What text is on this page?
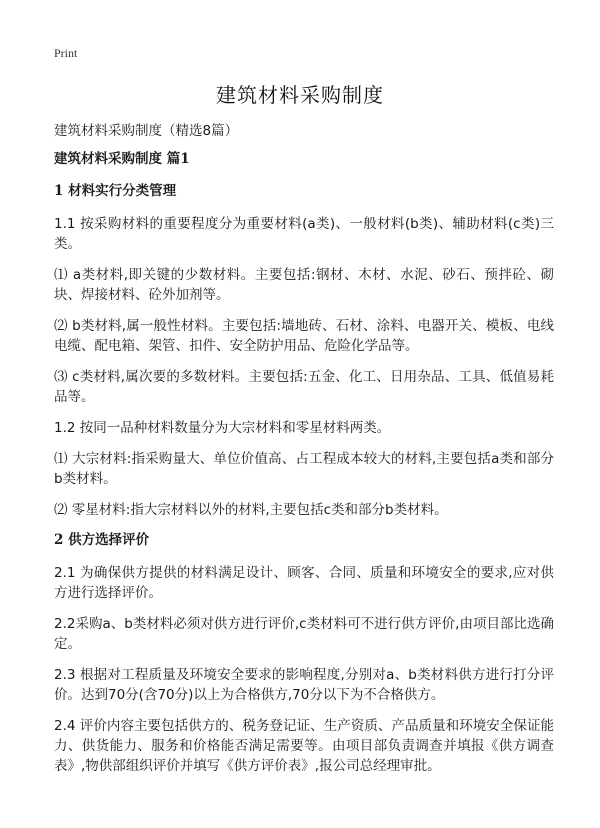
Print
建筑材料采购制度
建筑材料采购制度（精选8篇）
建筑材料采购制度 篇1
1 材料实行分类管理
1.1 按采购材料的重要程度分为重要材料(a类)、一般材料(b类)、辅助材料(c类)三类。
⑴ a类材料,即关键的少数材料。主要包括:钢材、木材、水泥、砂石、预拌砼、砌块、焊接材料、砼外加剂等。
⑵ b类材料,属一般性材料。主要包括:墙地砖、石材、涂料、电器开关、模板、电线电缆、配电箱、架管、扣件、安全防护用品、危险化学品等。
⑶ c类材料,属次要的多数材料。主要包括:五金、化工、日用杂品、工具、低值易耗品等。
1.2 按同一品种材料数量分为大宗材料和零星材料两类。
⑴ 大宗材料:指采购量大、单位价值高、占工程成本较大的材料,主要包括a类和部分b类材料。
⑵ 零星材料:指大宗材料以外的材料,主要包括c类和部分b类材料。
2 供方选择评价
2.1 为确保供方提供的材料满足设计、顾客、合同、质量和环境安全的要求,应对供方进行选择评价。
2.2采购a、b类材料必须对供方进行评价,c类材料可不进行供方评价,由项目部比选确定。
2.3 根据对工程质量及环境安全要求的影响程度,分别对a、b类材料供方进行打分评价。达到70分(含70分)以上为合格供方,70分以下为不合格供方。
2.4 评价内容主要包括供方的、税务登记证、生产资质、产品质量和环境安全保证能力、供货能力、服务和价格能否满足需要等。由项目部负责调查并填报《供方调查表》,物供部组织评价并填写《供方评价表》,报公司总经理审批。
